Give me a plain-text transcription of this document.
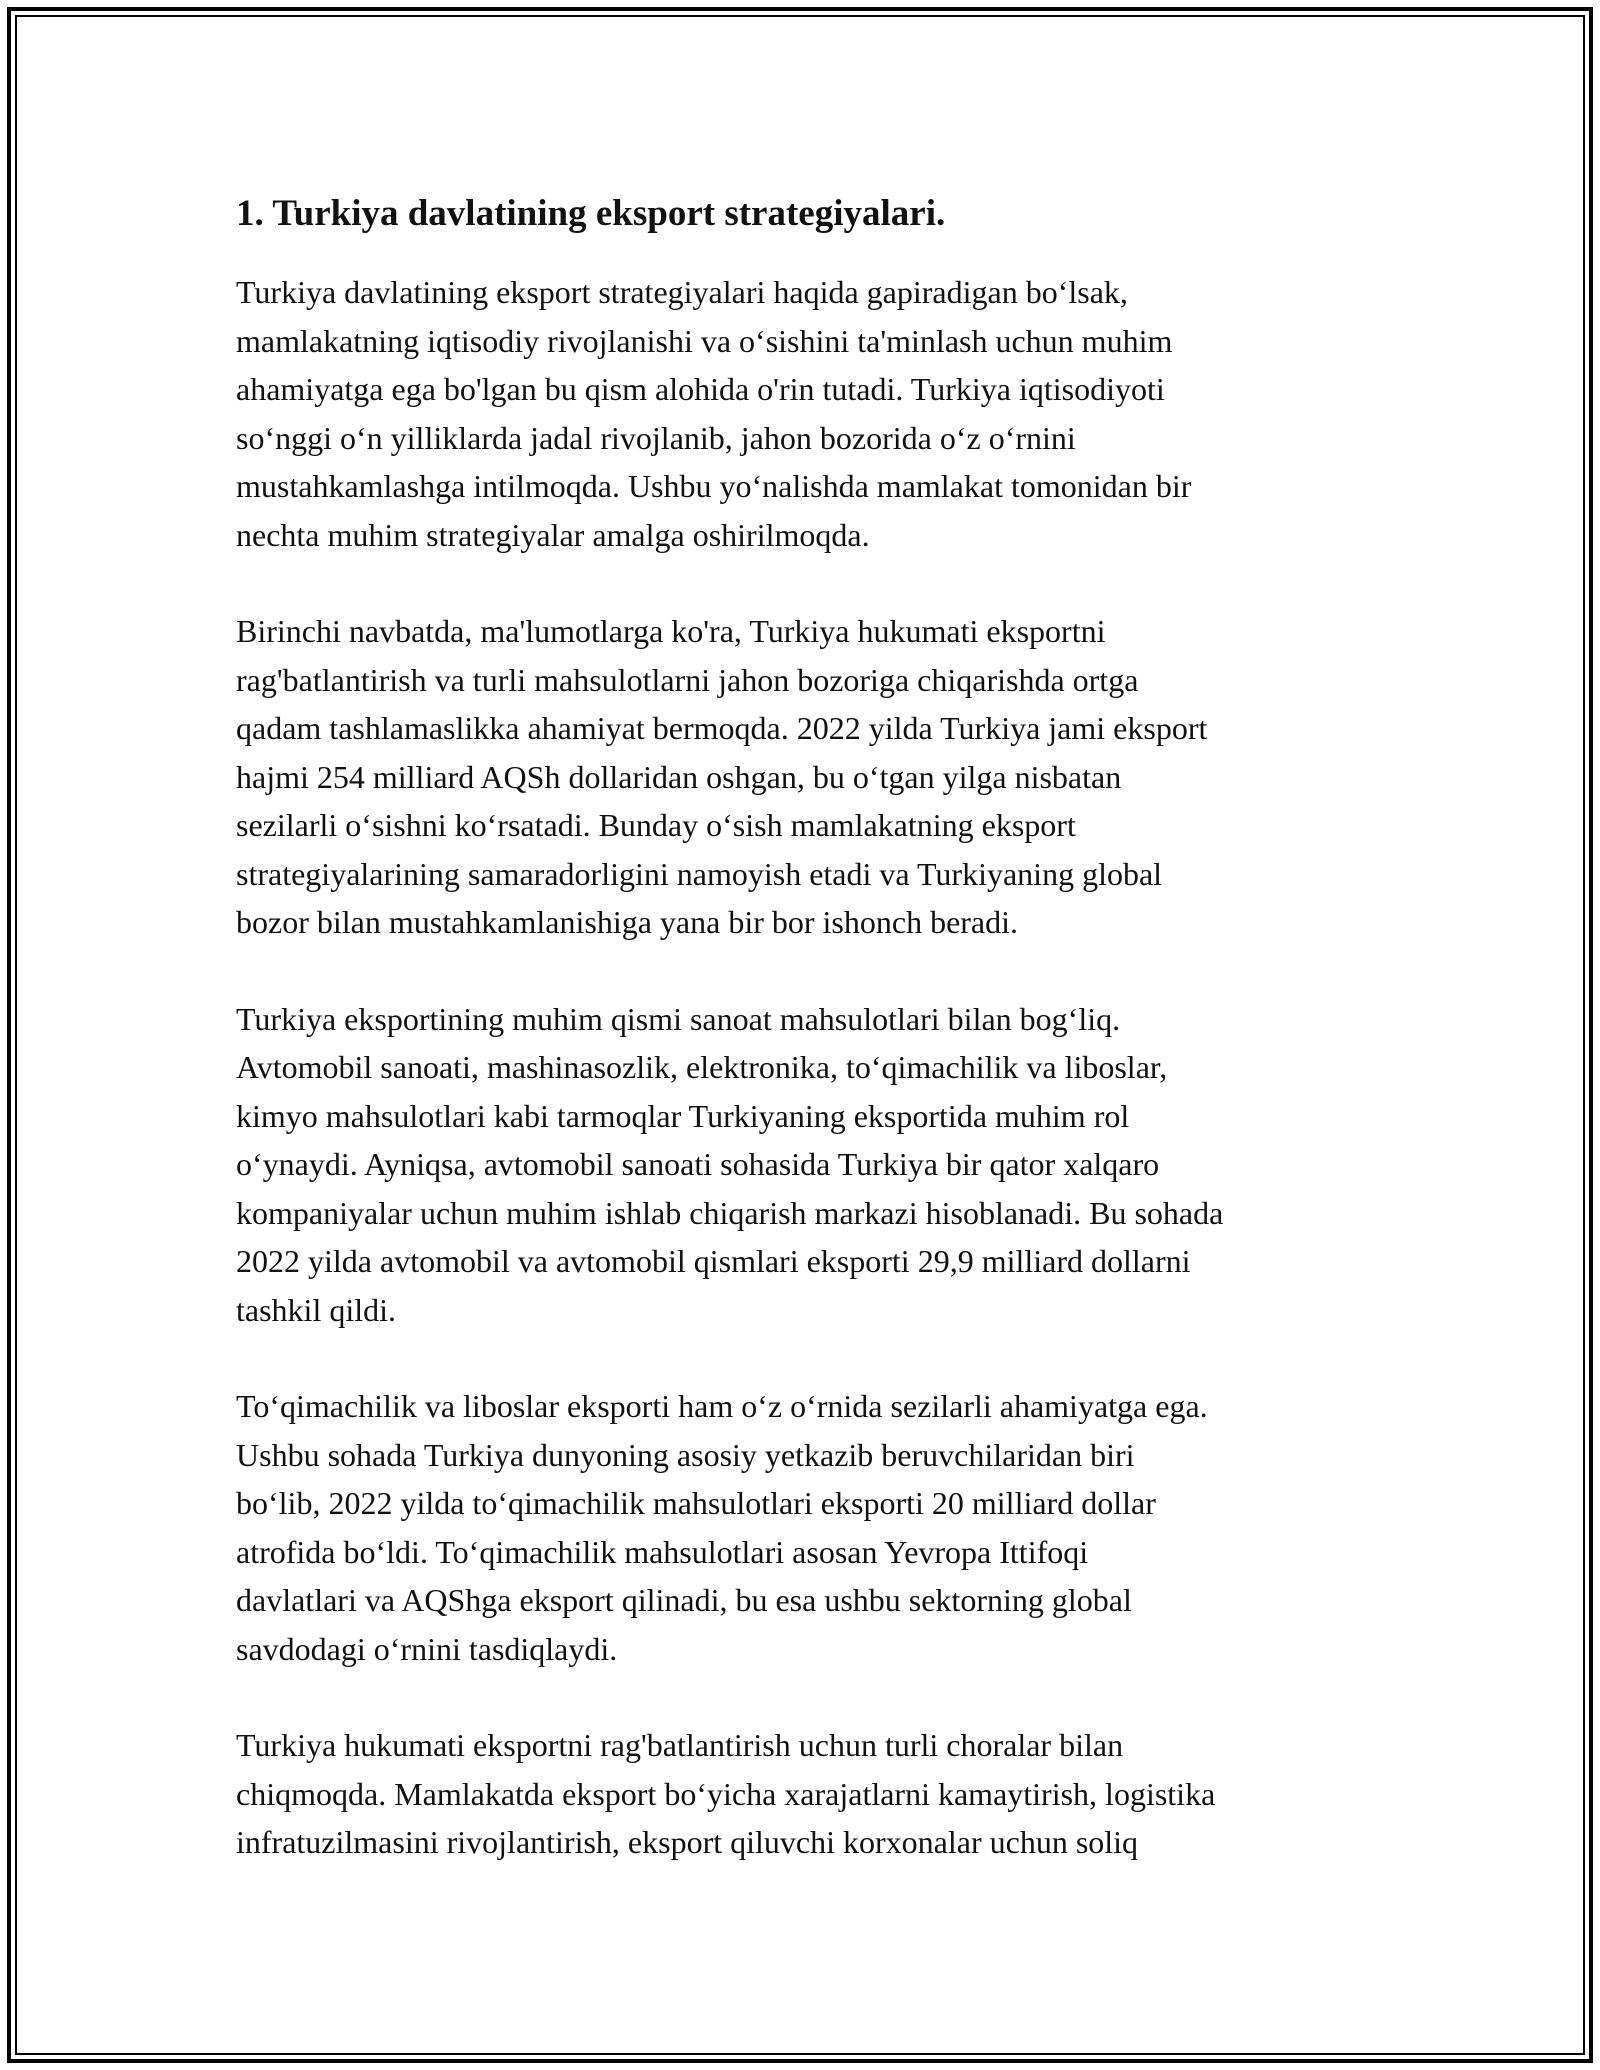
1. Turkiya davlatining eksport strategiyalari.

Turkiya davlatining eksport strategiyalari haqida gapiradigan bo‘lsak,
mamlakatning iqtisodiy rivojlanishi va o‘sishini ta'minlash uchun muhim
ahamiyatga ega bo'lgan bu qism alohida o'rin tutadi. Turkiya iqtisodiyoti
so‘nggi o‘n yilliklarda jadal rivojlanib, jahon bozorida o‘z o‘rnini
mustahkamlashga intilmoqda. Ushbu yo‘nalishda mamlakat tomonidan bir
nechta muhim strategiyalar amalga oshirilmoqda.

Birinchi navbatda, ma'lumotlarga ko'ra, Turkiya hukumati eksportni
rag'batlantirish va turli mahsulotlarni jahon bozoriga chiqarishda ortga
qadam tashlamaslikka ahamiyat bermoqda. 2022 yilda Turkiya jami eksport
hajmi 254 milliard AQSh dollaridan oshgan, bu o‘tgan yilga nisbatan
sezilarli o‘sishni ko‘rsatadi. Bunday o‘sish mamlakatning eksport
strategiyalarining samaradorligini namoyish etadi va Turkiyaning global
bozor bilan mustahkamlanishiga yana bir bor ishonch beradi.

Turkiya eksportining muhim qismi sanoat mahsulotlari bilan bog‘liq.
Avtomobil sanoati, mashinasozlik, elektronika, to‘qimachilik va liboslar,
kimyo mahsulotlari kabi tarmoqlar Turkiyaning eksportida muhim rol
o‘ynaydi. Ayniqsa, avtomobil sanoati sohasida Turkiya bir qator xalqaro
kompaniyalar uchun muhim ishlab chiqarish markazi hisoblanadi. Bu sohada
2022 yilda avtomobil va avtomobil qismlari eksporti 29,9 milliard dollarni
tashkil qildi.

To‘qimachilik va liboslar eksporti ham o‘z o‘rnida sezilarli ahamiyatga ega.
Ushbu sohada Turkiya dunyoning asosiy yetkazib beruvchilaridan biri
bo‘lib, 2022 yilda to‘qimachilik mahsulotlari eksporti 20 milliard dollar
atrofida bo‘ldi. To‘qimachilik mahsulotlari asosan Yevropa Ittifoqi
davlatlari va AQShga eksport qilinadi, bu esa ushbu sektorning global
savdodagi o‘rnini tasdiqlaydi.

Turkiya hukumati eksportni rag'batlantirish uchun turli choralar bilan
chiqmoqda. Mamlakatda eksport bo‘yicha xarajatlarni kamaytirish, logistika
infratuzilmasini rivojlantirish, eksport qiluvchi korxonalar uchun soliq
